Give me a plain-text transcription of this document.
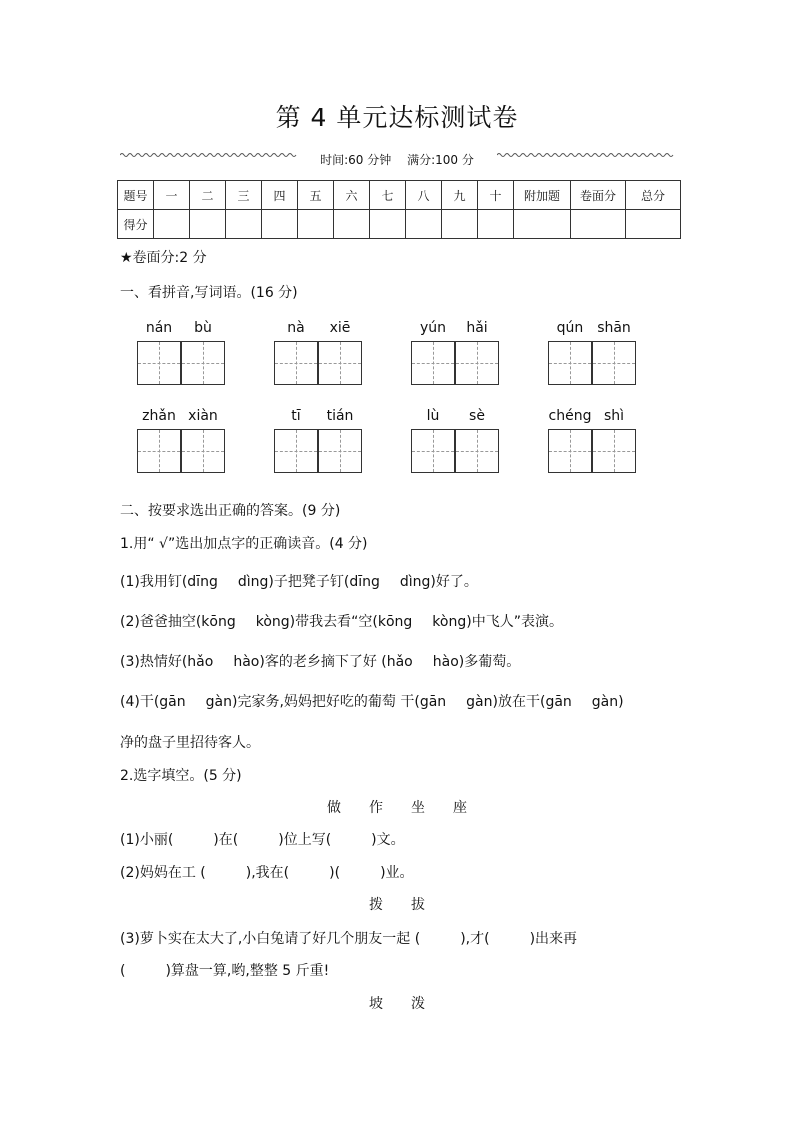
第 4 单元达标测试卷
时间:60 分钟 满分:100 分
题号	一	二	三	四	五	六	七	八	九	十	附加题	卷面分	总分
得分													
★卷面分:2 分
一、看拼音,写词语。(16 分)
nán	bù	nà	xiē	yún	hǎi	qún shān
zhǎn xiàn	tī	tián	lù	sè	chéng shì
二、按要求选出正确的答案。(9 分)
1.用“ √”选出加点字的正确读音。(4 分)
(1)我用钉(dīng dìng)子把凳子钉(dīng dìng)好了。
(2)爸爸抽空(kōng kòng)带我去看“空(kōng kòng)中飞人”表演。
(3)热情好(hǎo hào)客的老乡摘下了好 (hǎo hào)多葡萄。
(4)干(gān gàn)完家务,妈妈把好吃的葡萄 干(gān gàn)放在干(gān gàn)
净的盘子里招待客人。
2.选字填空。(5 分)
做 作 坐 座
(1)小丽(	)在(	)位上写(	)文。
(2)妈妈在工 (	),我在(	)(	)业。
拨 拔
(3)萝卜实在太大了,小白兔请了好几个朋友一起 (	),才(	)出来再
(	)算盘一算,哟,整整 5 斤重!
坡 泼
